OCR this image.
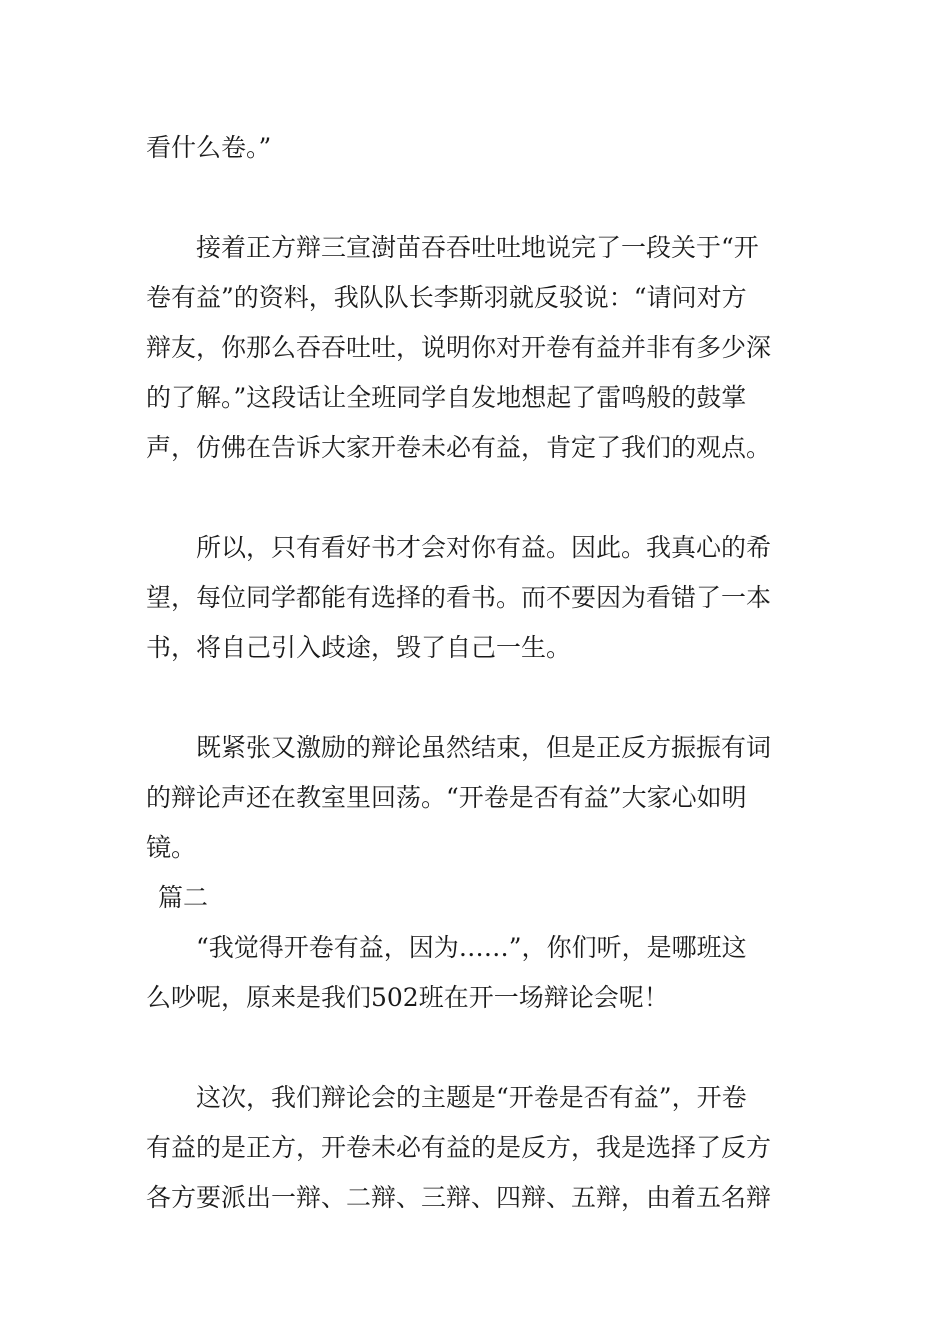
看什么卷。”
接着正方辩三宣澍苗吞吞吐吐地说完了一段关于“开
卷有益”的资料，我队队长李斯羽就反驳说：“请问对方
辩友，你那么吞吞吐吐，说明你对开卷有益并非有多少深
的了解。”这段话让全班同学自发地想起了雷鸣般的鼓掌
声，仿佛在告诉大家开卷未必有益，肯定了我们的观点。
所以，只有看好书才会对你有益。因此。我真心的希
望，每位同学都能有选择的看书。而不要因为看错了一本
书，将自己引入歧途，毁了自己一生。
既紧张又激励的辩论虽然结束，但是正反方振振有词
的辩论声还在教室里回荡。“开卷是否有益”大家心如明
镜。
篇二
“我觉得开卷有益，因为……”，你们听，是哪班这
么吵呢，原来是我们502班在开一场辩论会呢！
这次，我们辩论会的主题是“开卷是否有益”，开卷
有益的是正方，开卷未必有益的是反方，我是选择了反方
各方要派出一辩、二辩、三辩、四辩、五辩，由着五名辩
